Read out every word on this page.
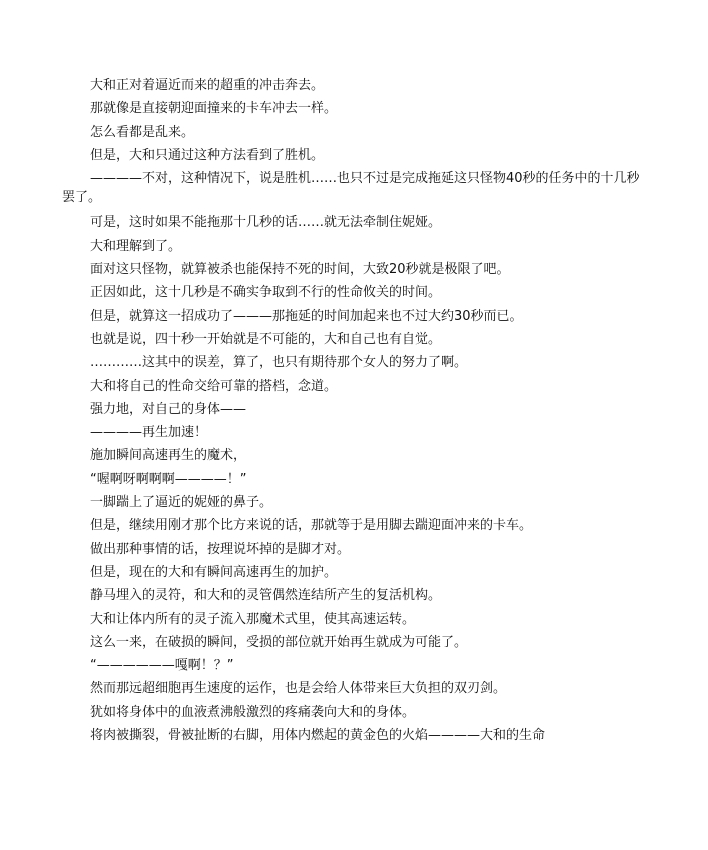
大和正对着逼近而来的超重的冲击奔去。

那就像是直接朝迎面撞来的卡车冲去一样。

怎么看都是乱来。

但是，大和只通过这种方法看到了胜机。

————不对，这种情况下，说是胜机……也只不过是完成拖延这只怪物40秒的任务中的十几秒罢了。

可是，这时如果不能拖那十几秒的话……就无法牵制住妮娅。

大和理解到了。

面对这只怪物，就算被杀也能保持不死的时间，大致20秒就是极限了吧。

正因如此，这十几秒是不确实争取到不行的性命攸关的时间。

但是，就算这一招成功了———那拖延的时间加起来也不过大约30秒而已。

也就是说，四十秒一开始就是不可能的，大和自己也有自觉。

…………这其中的误差，算了，也只有期待那个女人的努力了啊。

大和将自己的性命交给可靠的搭档，念道。

强力地，对自己的身体——

————再生加速！

施加瞬间高速再生的魔术，

“喔啊呀啊啊啊————！”

一脚踹上了逼近的妮娅的鼻子。

但是，继续用刚才那个比方来说的话，那就等于是用脚去踹迎面冲来的卡车。

做出那种事情的话，按理说坏掉的是脚才对。

但是，现在的大和有瞬间高速再生的加护。

静马埋入的灵符，和大和的灵管偶然连结所产生的复活机构。

大和让体内所有的灵子流入那魔术式里，使其高速运转。

这么一来，在破损的瞬间，受损的部位就开始再生就成为可能了。

“——————嘎啊！？”

然而那远超细胞再生速度的运作，也是会给人体带来巨大负担的双刃剑。

犹如将身体中的血液煮沸般激烈的疼痛袭向大和的身体。

将肉被撕裂，骨被扯断的右脚，用体内燃起的黄金色的火焰————大和的生命
